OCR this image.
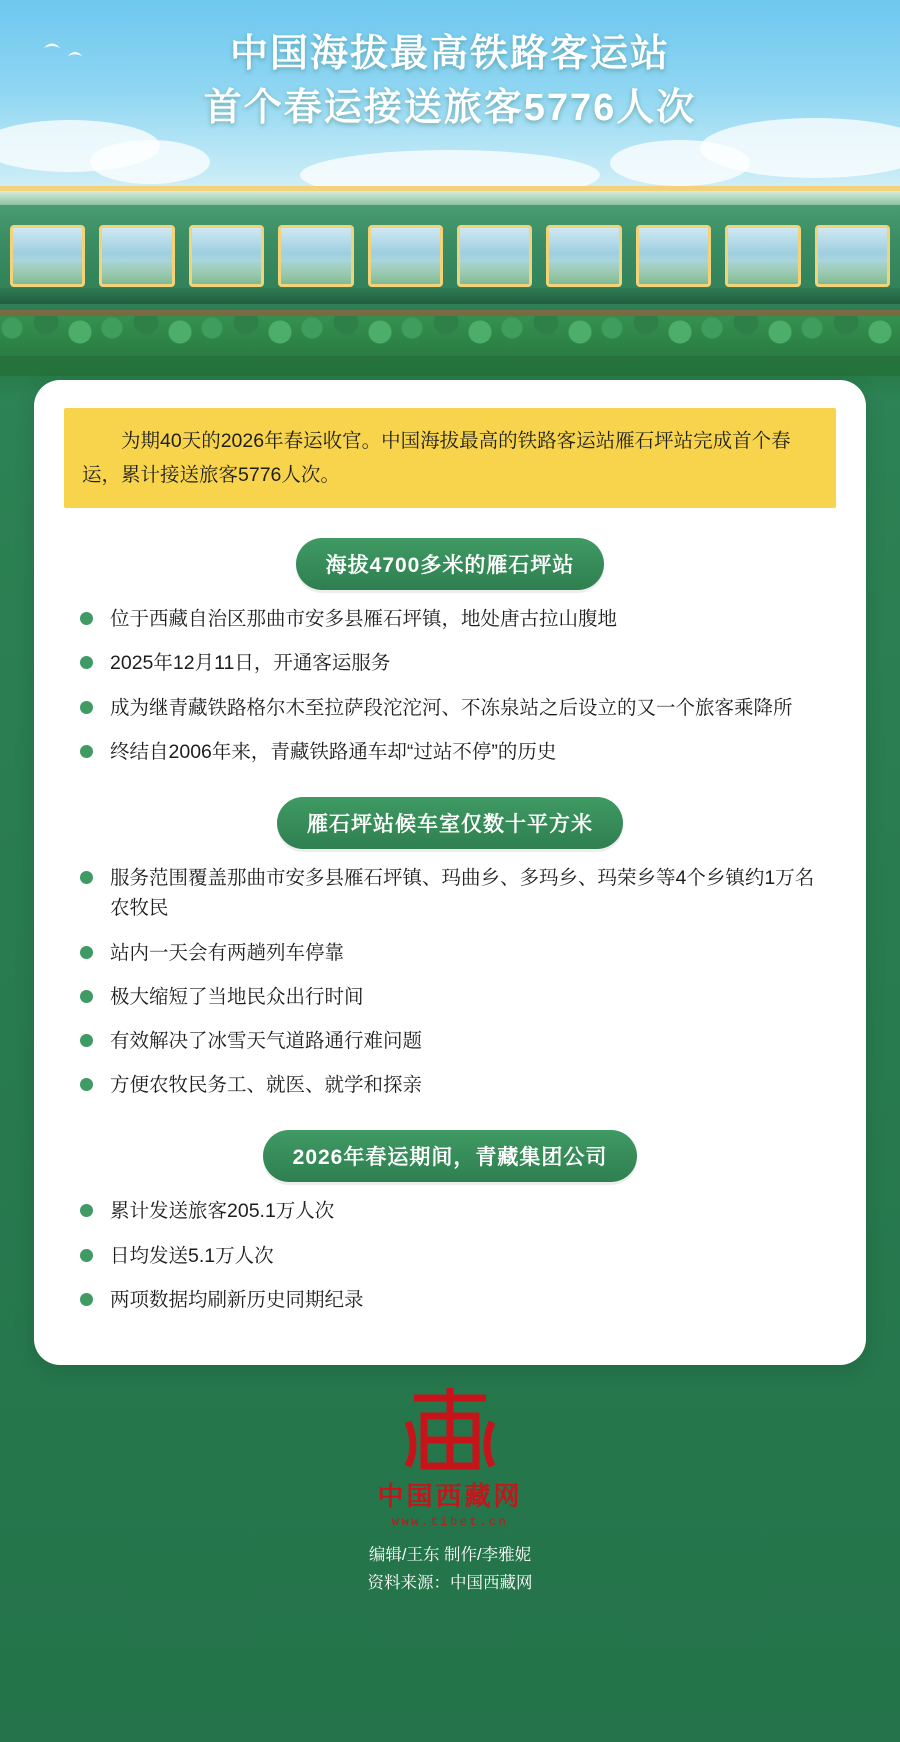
中国海拔最高铁路客运站
首个春运接送旅客5776人次
为期40天的2026年春运收官。中国海拔最高的铁路客运站雁石坪站完成首个春运，累计接送旅客5776人次。
海拔4700多米的雁石坪站
位于西藏自治区那曲市安多县雁石坪镇，地处唐古拉山腹地
2025年12月11日，开通客运服务
成为继青藏铁路格尔木至拉萨段沱沱河、不冻泉站之后设立的又一个旅客乘降所
终结自2006年来，青藏铁路通车却“过站不停”的历史
雁石坪站候车室仅数十平方米
服务范围覆盖那曲市安多县雁石坪镇、玛曲乡、多玛乡、玛荣乡等4个乡镇约1万名农牧民
站内一天会有两趟列车停靠
极大缩短了当地民众出行时间
有效解决了冰雪天气道路通行难问题
方便农牧民务工、就医、就学和探亲
2026年春运期间，青藏集团公司
累计发送旅客205.1万人次
日均发送5.1万人次
两项数据均刷新历史同期纪录
中国西藏网
www.tibet.cn
编辑/王东 制作/李雅妮
资料来源：中国西藏网
